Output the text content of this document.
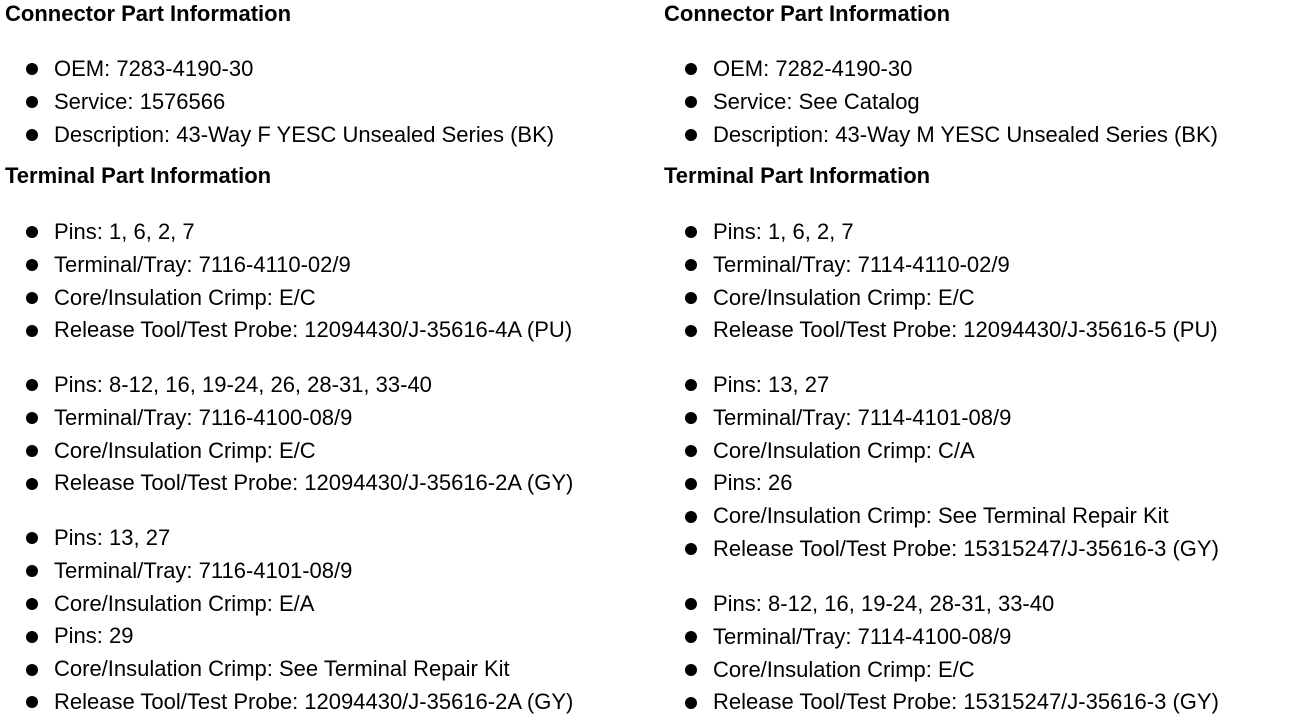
Connector Part Information
OEM: 7283-4190-30
Service: 1576566
Description: 43-Way F YESC Unsealed Series (BK)
Terminal Part Information
Pins: 1, 6, 2, 7
Terminal/Tray: 7116-4110-02/9
Core/Insulation Crimp: E/C
Release Tool/Test Probe: 12094430/J-35616-4A (PU)
Pins: 8-12, 16, 19-24, 26, 28-31, 33-40
Terminal/Tray: 7116-4100-08/9
Core/Insulation Crimp: E/C
Release Tool/Test Probe: 12094430/J-35616-2A (GY)
Pins: 13, 27
Terminal/Tray: 7116-4101-08/9
Core/Insulation Crimp: E/A
Pins: 29
Core/Insulation Crimp: See Terminal Repair Kit
Release Tool/Test Probe: 12094430/J-35616-2A (GY)
Connector Part Information
OEM: 7282-4190-30
Service: See Catalog
Description: 43-Way M YESC Unsealed Series (BK)
Terminal Part Information
Pins: 1, 6, 2, 7
Terminal/Tray: 7114-4110-02/9
Core/Insulation Crimp: E/C
Release Tool/Test Probe: 12094430/J-35616-5 (PU)
Pins: 13, 27
Terminal/Tray: 7114-4101-08/9
Core/Insulation Crimp: C/A
Pins: 26
Core/Insulation Crimp: See Terminal Repair Kit
Release Tool/Test Probe: 15315247/J-35616-3 (GY)
Pins: 8-12, 16, 19-24, 28-31, 33-40
Terminal/Tray: 7114-4100-08/9
Core/Insulation Crimp: E/C
Release Tool/Test Probe: 15315247/J-35616-3 (GY)
